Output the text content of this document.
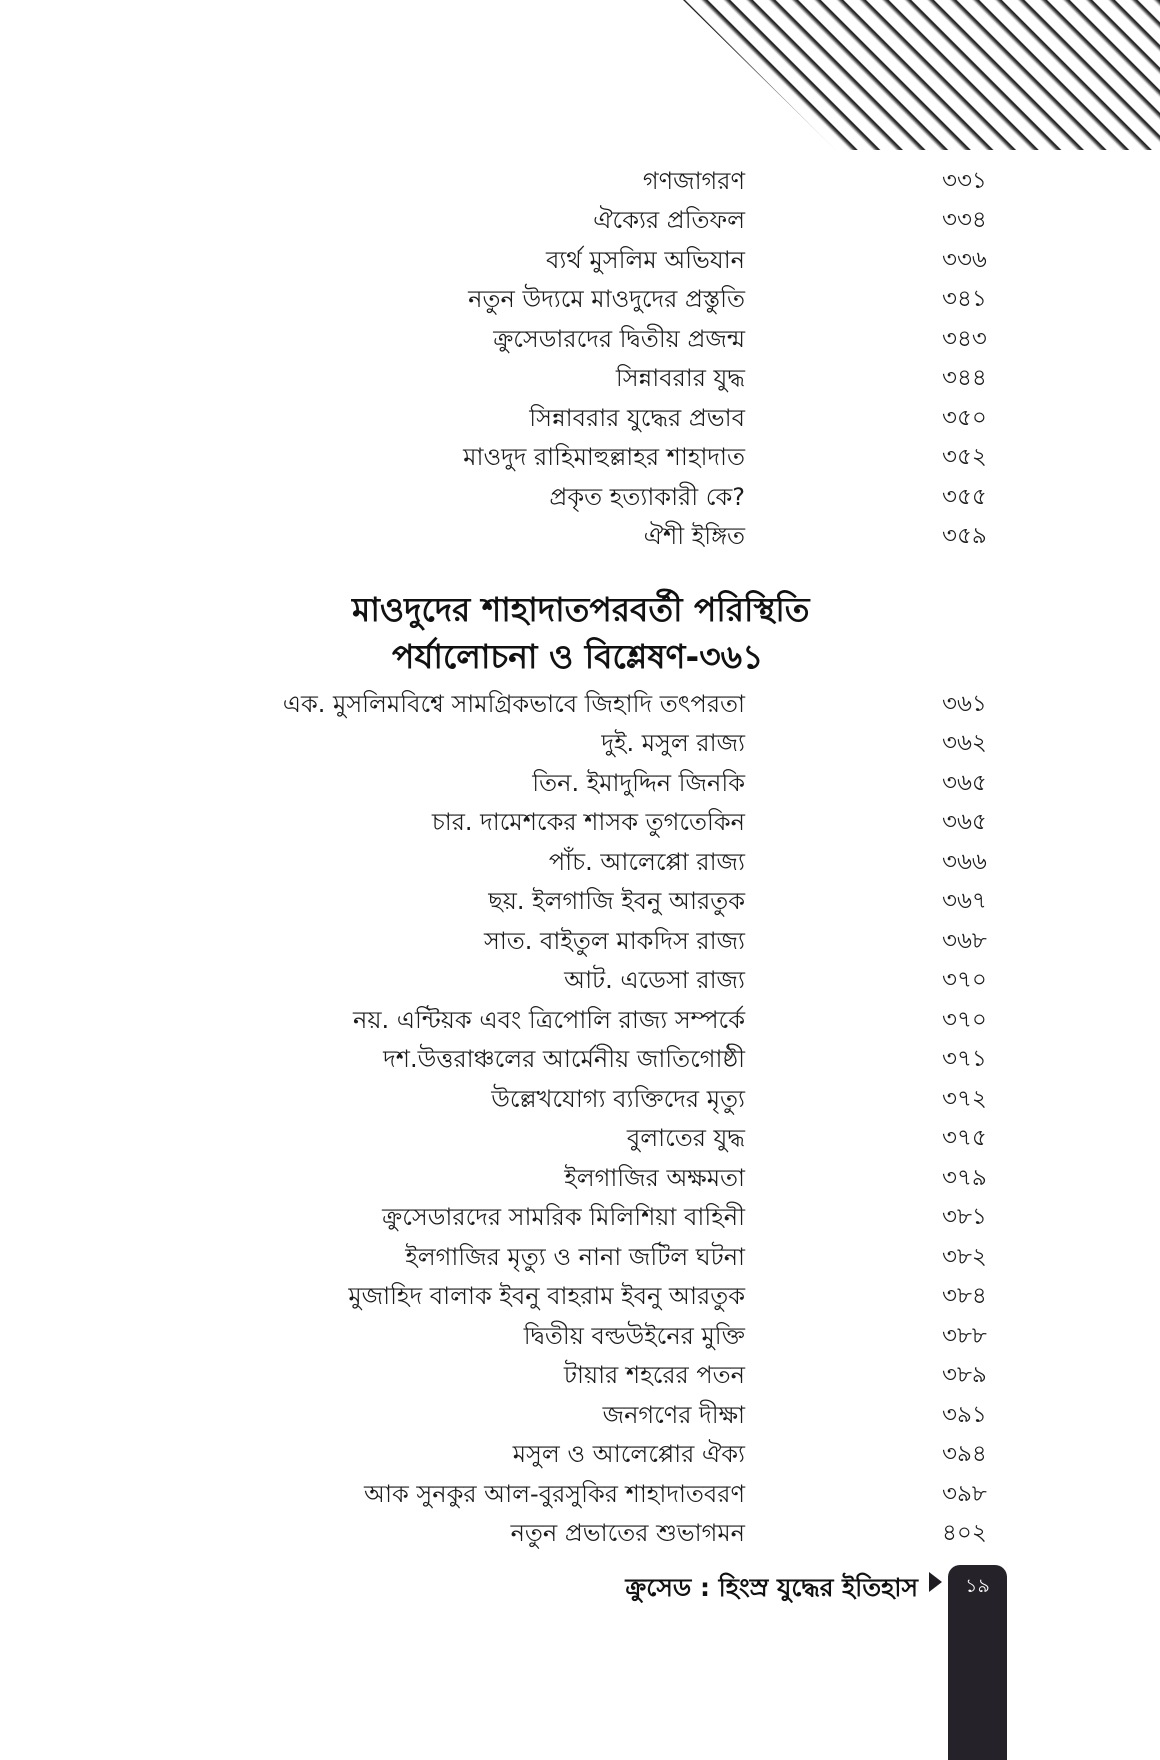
গণজাগরণ	৩৩১
ঐক্যের প্রতিফল	৩৩৪
ব্যর্থ মুসলিম অভিযান	৩৩৬
নতুন উদ্যমে মাওদুদের প্রস্তুতি	৩৪১
ক্রুসেডারদের দ্বিতীয় প্রজন্ম	৩৪৩
সিন্নাবরার যুদ্ধ	৩৪৪
সিন্নাবরার যুদ্ধের প্রভাব	৩৫০
মাওদুদ রাহিমাহুল্লাহর শাহাদাত	৩৫২
প্রকৃত হত্যাকারী কে?	৩৫৫
ঐশী ইঙ্গিত	৩৫৯
মাওদুদের শাহাদাতপরবর্তী পরিস্থিতি
পর্যালোচনা ও বিশ্লেষণ-৩৬১
এক. মুসলিমবিশ্বে সামগ্রিকভাবে জিহাদি তৎপরতা	৩৬১
দুই. মসুল রাজ্য	৩৬২
তিন. ইমাদুদ্দিন জিনকি	৩৬৫
চার. দামেশকের শাসক তুগতেকিন	৩৬৫
পাঁচ. আলেপ্পো রাজ্য	৩৬৬
ছয়. ইলগাজি ইবনু আরতুক	৩৬৭
সাত. বাইতুল মাকদিস রাজ্য	৩৬৮
আট. এডেসা রাজ্য	৩৭০
নয়. এন্টিয়ক এবং ত্রিপোলি রাজ্য সম্পর্কে	৩৭০
দশ.উত্তরাঞ্চলের আর্মেনীয় জাতিগোষ্ঠী	৩৭১
উল্লেখযোগ্য ব্যক্তিদের মৃত্যু	৩৭২
বুলাতের যুদ্ধ	৩৭৫
ইলগাজির অক্ষমতা	৩৭৯
ক্রুসেডারদের সামরিক মিলিশিয়া বাহিনী	৩৮১
ইলগাজির মৃত্যু ও নানা জটিল ঘটনা	৩৮২
মুজাহিদ বালাক ইবনু বাহরাম ইবনু আরতুক	৩৮৪
দ্বিতীয় বল্ডউইনের মুক্তি	৩৮৮
টায়ার শহরের পতন	৩৮৯
জনগণের দীক্ষা	৩৯১
মসুল ও আলেপ্পোর ঐক্য	৩৯৪
আক সুনকুর আল-বুরসুকির শাহাদাতবরণ	৩৯৮
নতুন প্রভাতের শুভাগমন	৪০২
ক্রুসেড : হিংস্র যুদ্ধের ইতিহাস	১৯
